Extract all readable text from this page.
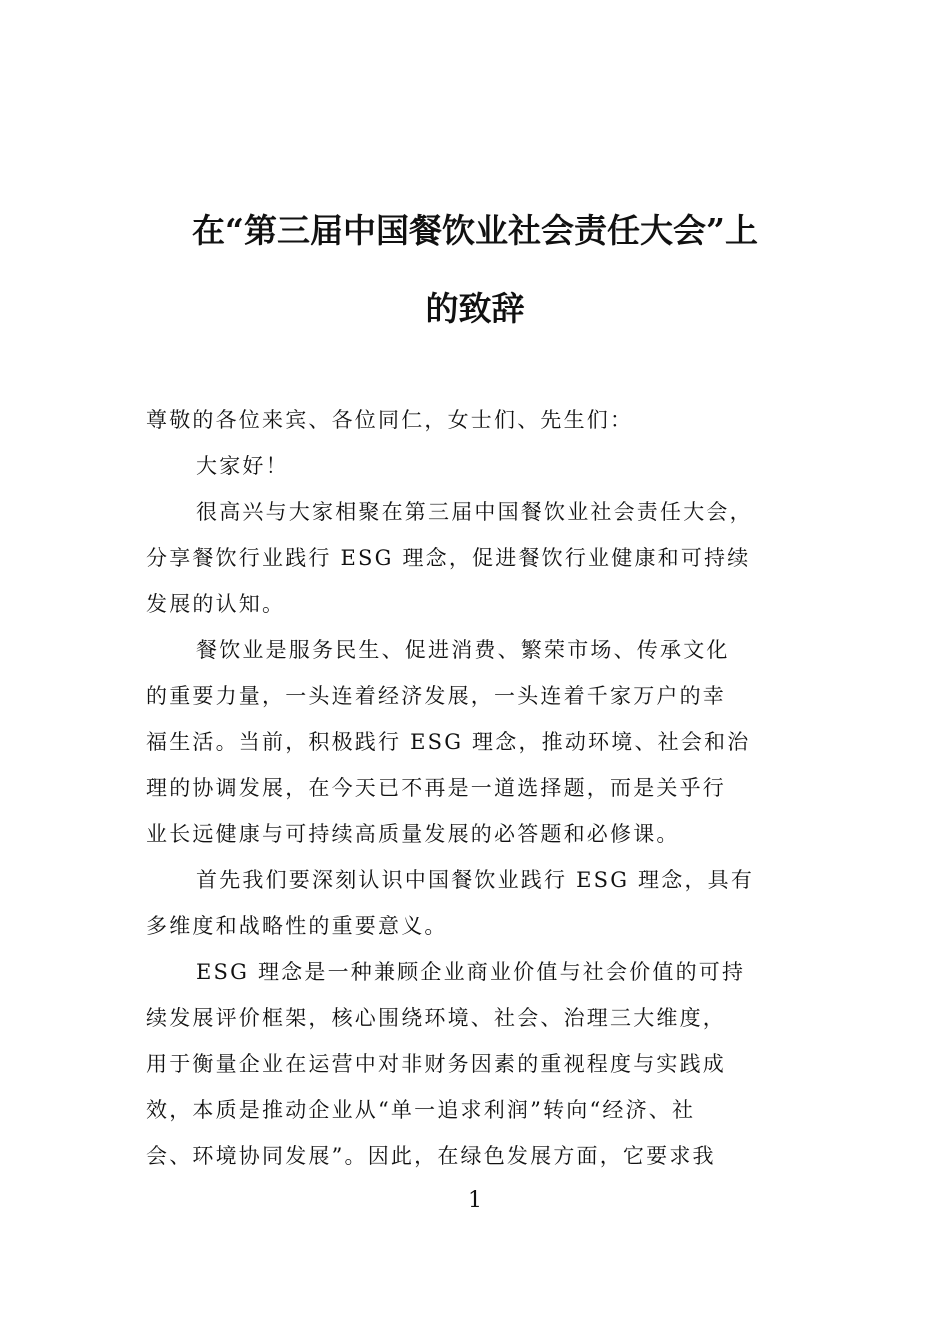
在“第三届中国餐饮业社会责任大会”上
的致辞
尊敬的各位来宾、各位同仁，女士们、先生们：
大家好！
很高兴与大家相聚在第三届中国餐饮业社会责任大会，
分享餐饮行业践行 ESG 理念，促进餐饮行业健康和可持续
发展的认知。
餐饮业是服务民生、促进消费、繁荣市场、传承文化
的重要力量，一头连着经济发展，一头连着千家万户的幸
福生活。当前，积极践行 ESG 理念，推动环境、社会和治
理的协调发展，在今天已不再是一道选择题，而是关乎行
业长远健康与可持续高质量发展的必答题和必修课。
首先我们要深刻认识中国餐饮业践行 ESG 理念，具有
多维度和战略性的重要意义。
ESG 理念是一种兼顾企业商业价值与社会价值的可持
续发展评价框架，核心围绕环境、社会、治理三大维度，
用于衡量企业在运营中对非财务因素的重视程度与实践成
效，本质是推动企业从“单一追求利润”转向“经济、社
会、环境协同发展”。因此，在绿色发展方面，它要求我
1
